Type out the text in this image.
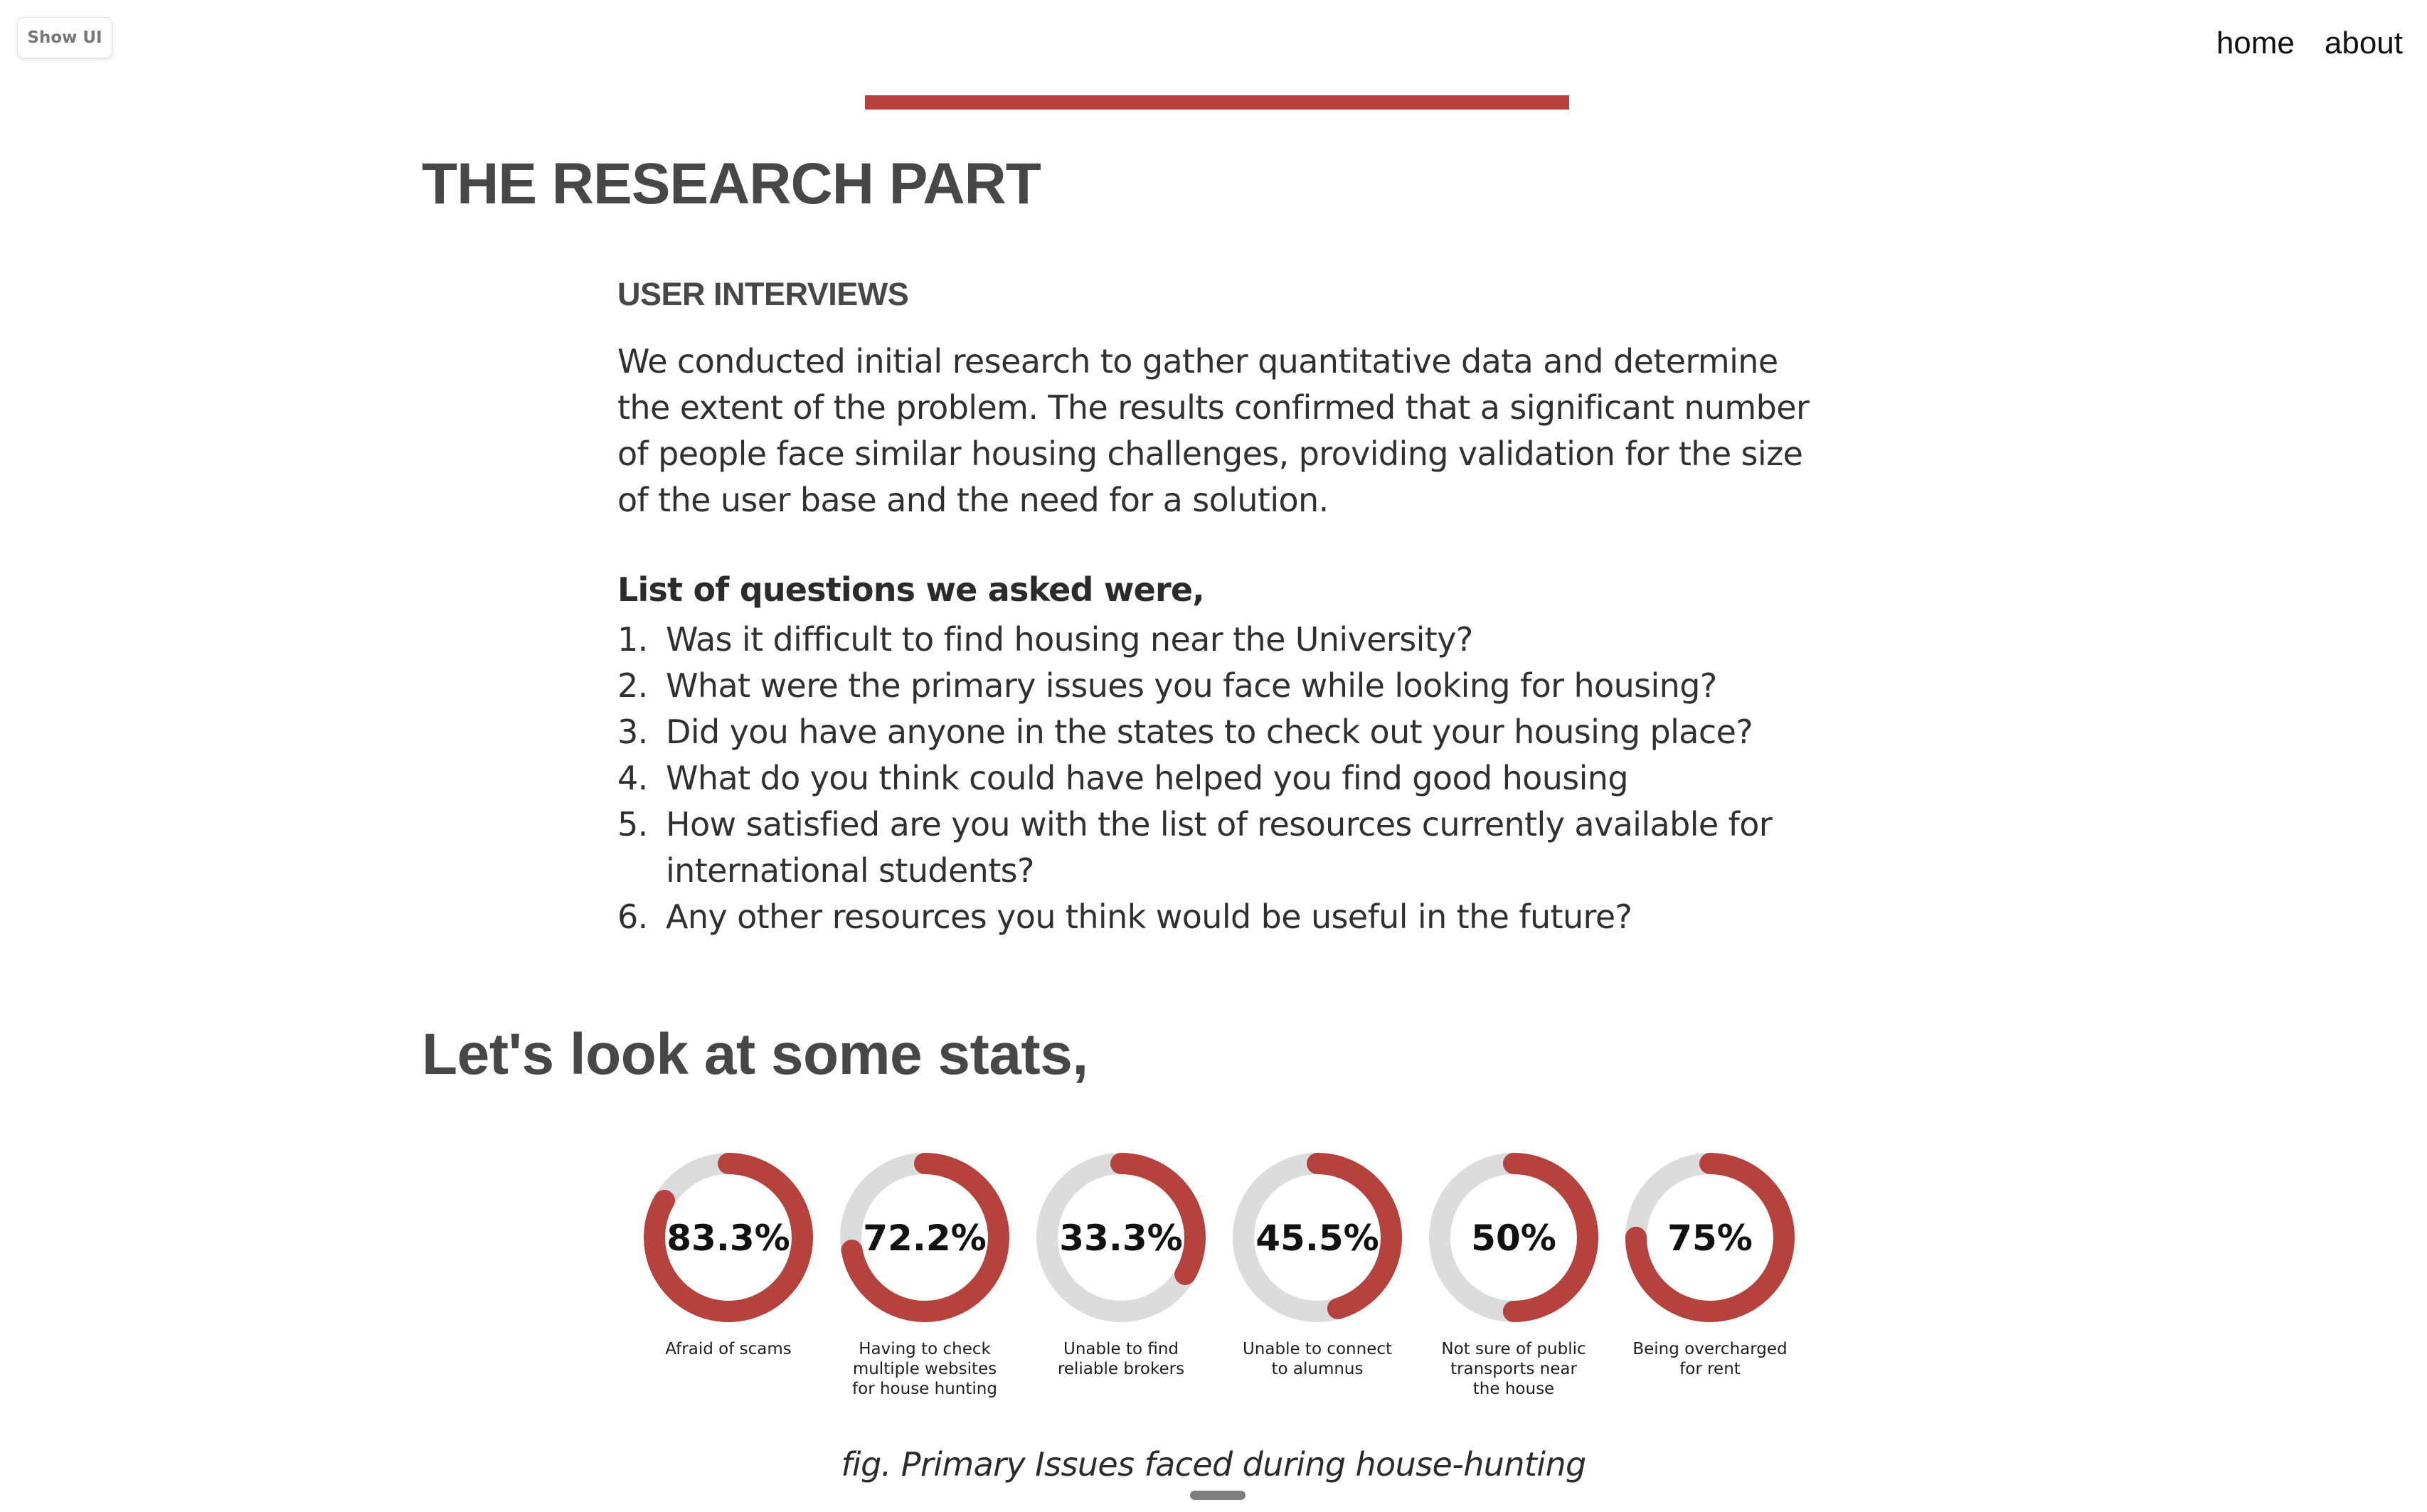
Show UI	home about
THE RESEARCH PART
USER INTERVIEWS

We conducted initial research to gather quantitative data and determine the extent of the problem. The results confirmed that a significant number of people face similar housing challenges, providing validation for the size of the user base and the need for a solution.

List of questions we asked were,

1. Was it difficult to find housing near the University?
2. What were the primary issues you face while looking for housing?
3. Did you have anyone in the states to check out your housing place?
4. What do you think could have helped you find good housing
5. How satisfied are you with the list of resources currently available for international students?
6. Any other resources you think would be useful in the future?
Let's look at some stats,
83.3%
Afraid of scams
72.2%
Having to check multiple websites for house hunting
33.3%
Unable to find reliable brokers
45.5%
Unable to connect to alumnus
50%
Not sure of public transports near the house
75%
Being overcharged for rent
fig. Primary Issues faced during house-hunting
